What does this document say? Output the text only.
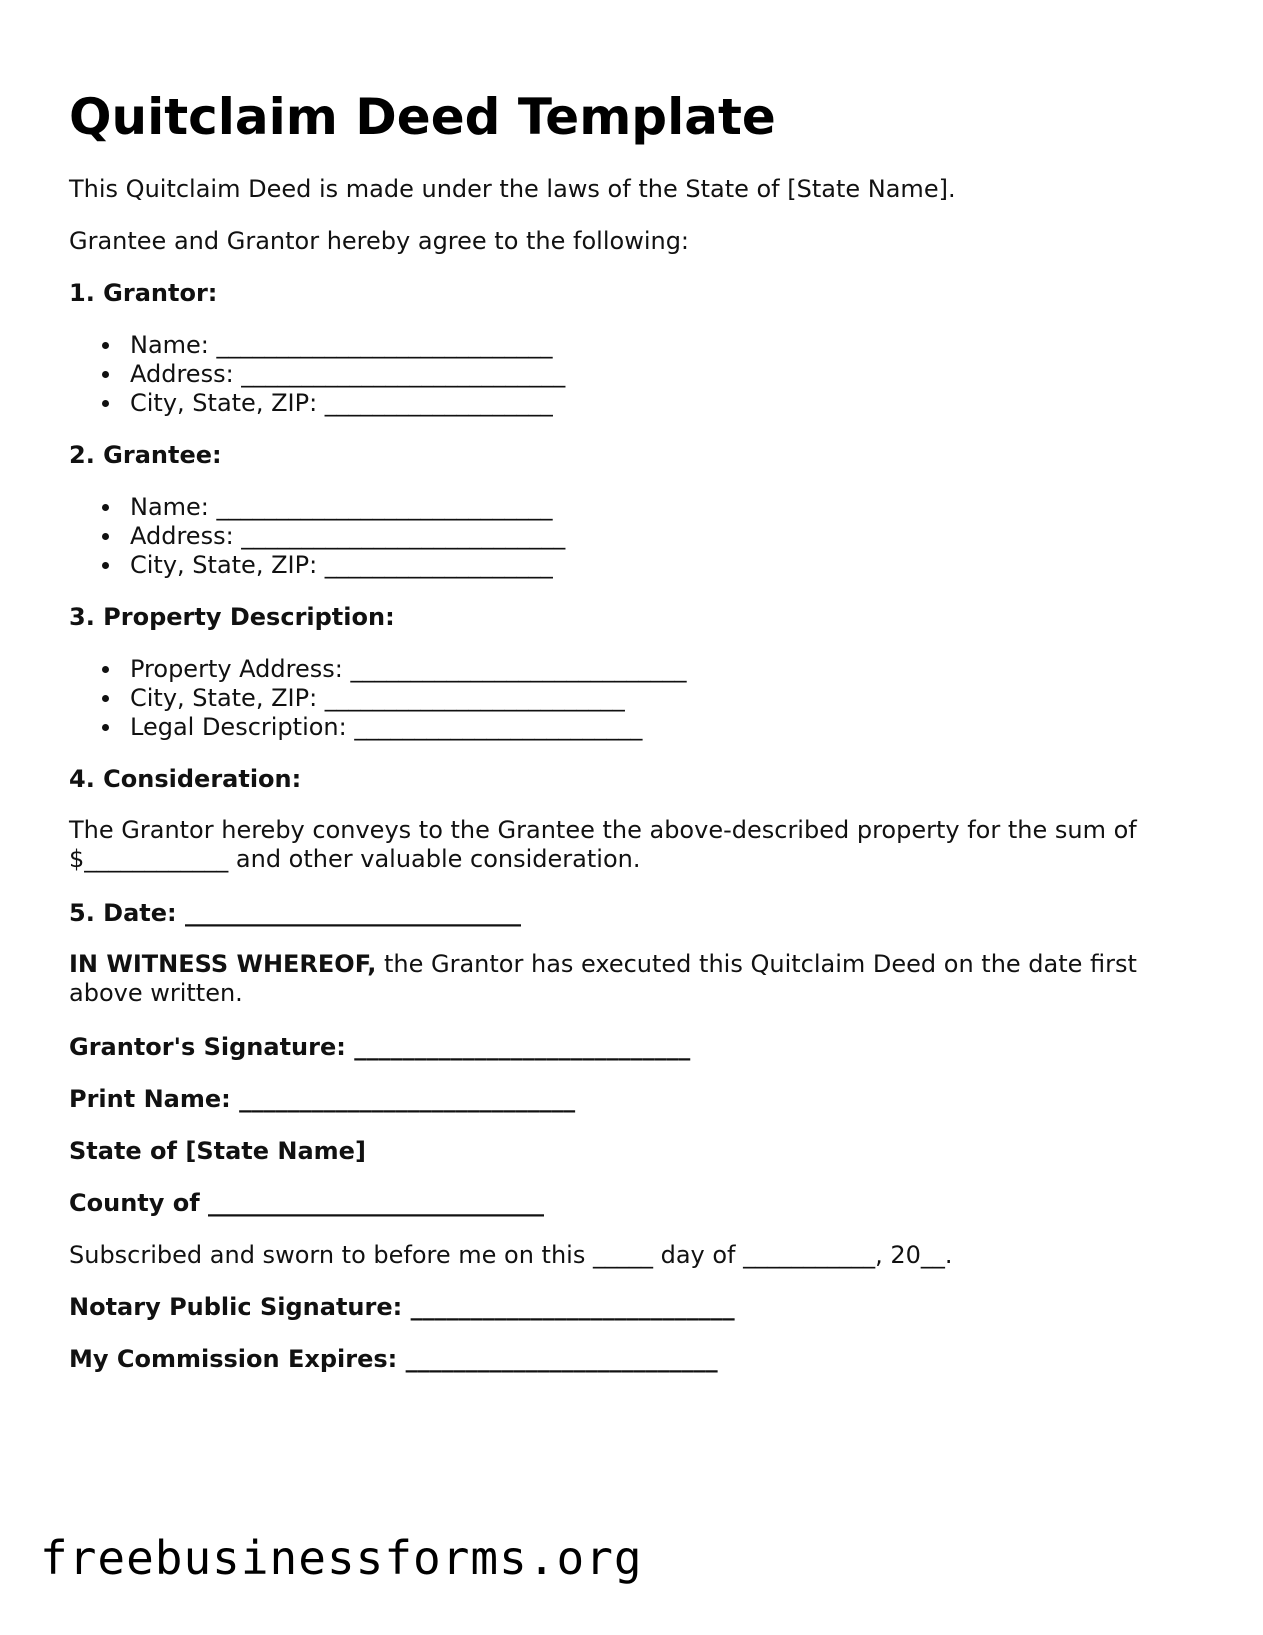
Quitclaim Deed Template

This Quitclaim Deed is made under the laws of the State of [State Name].

Grantee and Grantor hereby agree to the following:

1. Grantor:

Name: ____________________________
Address: ___________________________
City, State, ZIP: ___________________

2. Grantee:

Name: ____________________________
Address: ___________________________
City, State, ZIP: ___________________

3. Property Description:

Property Address: ____________________________
City, State, ZIP: _________________________
Legal Description: ________________________

4. Consideration:

The Grantor hereby conveys to the Grantee the above-described property for the sum of $____________ and other valuable consideration.

5. Date: ____________________________

IN WITNESS WHEREOF, the Grantor has executed this Quitclaim Deed on the date first above written.

Grantor's Signature: ____________________________

Print Name: ____________________________

State of [State Name]

County of ____________________________

Subscribed and sworn to before me on this _____ day of ___________, 20__.

Notary Public Signature: ___________________________

My Commission Expires: __________________________

freebusinessforms.org
